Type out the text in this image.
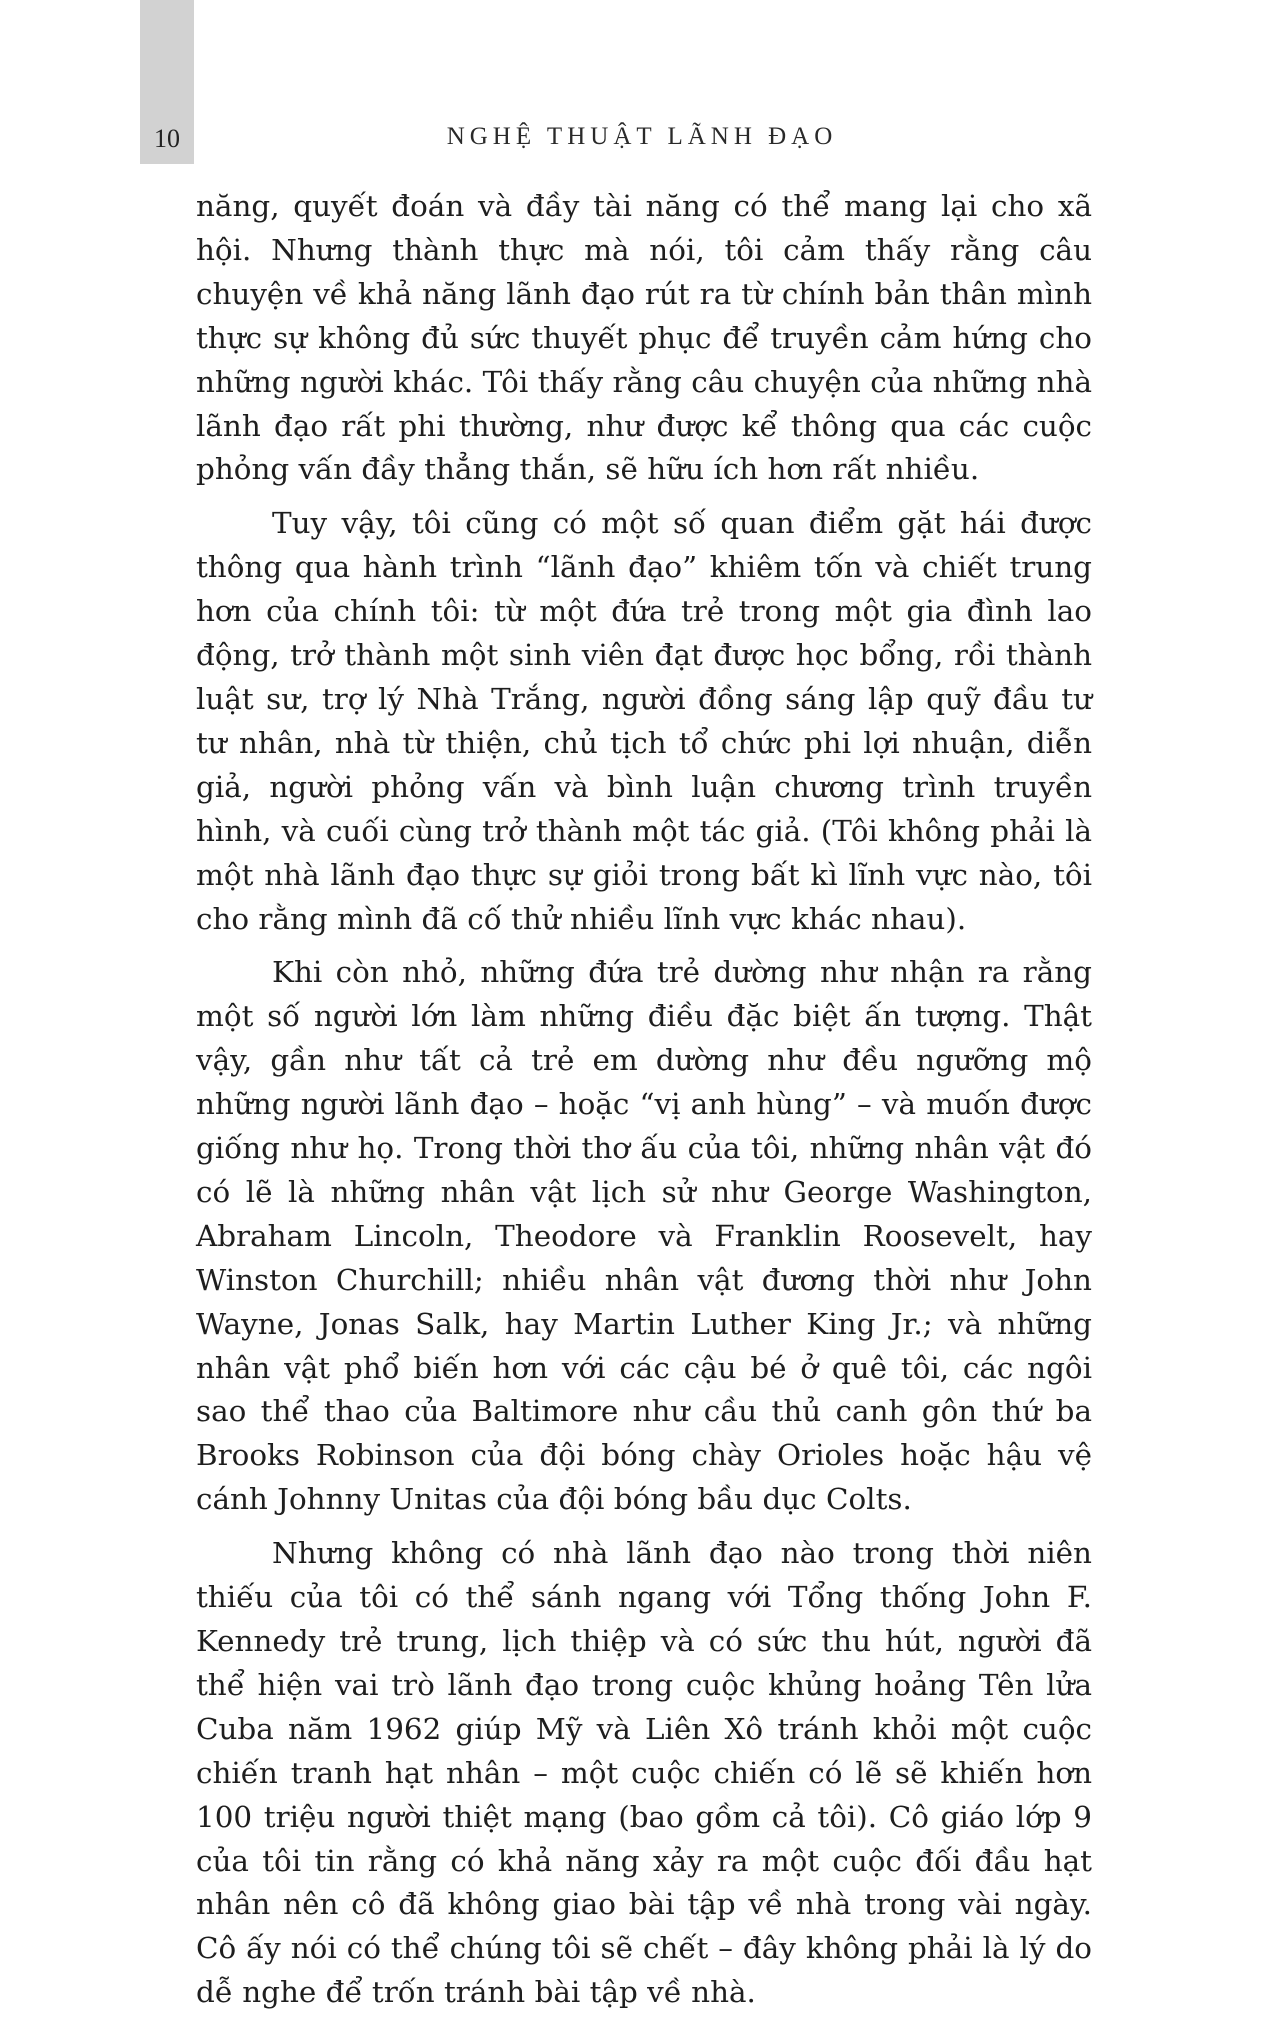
10	NGHỆ THUẬT LÃNH ĐẠO

năng, quyết đoán và đầy tài năng có thể mang lại cho xã hội. Nhưng thành thực mà nói, tôi cảm thấy rằng câu chuyện về khả năng lãnh đạo rút ra từ chính bản thân mình thực sự không đủ sức thuyết phục để truyền cảm hứng cho những người khác. Tôi thấy rằng câu chuyện của những nhà lãnh đạo rất phi thường, như được kể thông qua các cuộc phỏng vấn đầy thẳng thắn, sẽ hữu ích hơn rất nhiều.

Tuy vậy, tôi cũng có một số quan điểm gặt hái được thông qua hành trình “lãnh đạo” khiêm tốn và chiết trung hơn của chính tôi: từ một đứa trẻ trong một gia đình lao động, trở thành một sinh viên đạt được học bổng, rồi thành luật sư, trợ lý Nhà Trắng, người đồng sáng lập quỹ đầu tư tư nhân, nhà từ thiện, chủ tịch tổ chức phi lợi nhuận, diễn giả, người phỏng vấn và bình luận chương trình truyền hình, và cuối cùng trở thành một tác giả. (Tôi không phải là một nhà lãnh đạo thực sự giỏi trong bất kì lĩnh vực nào, tôi cho rằng mình đã cố thử nhiều lĩnh vực khác nhau).

Khi còn nhỏ, những đứa trẻ dường như nhận ra rằng một số người lớn làm những điều đặc biệt ấn tượng. Thật vậy, gần như tất cả trẻ em dường như đều ngưỡng mộ những người lãnh đạo – hoặc “vị anh hùng” – và muốn được giống như họ. Trong thời thơ ấu của tôi, những nhân vật đó có lẽ là những nhân vật lịch sử như George Washington, Abraham Lincoln, Theodore và Franklin Roosevelt, hay Winston Churchill; nhiều nhân vật đương thời như John Wayne, Jonas Salk, hay Martin Luther King Jr.; và những nhân vật phổ biến hơn với các cậu bé ở quê tôi, các ngôi sao thể thao của Baltimore như cầu thủ canh gôn thứ ba Brooks Robinson của đội bóng chày Orioles hoặc hậu vệ cánh Johnny Unitas của đội bóng bầu dục Colts.

Nhưng không có nhà lãnh đạo nào trong thời niên thiếu của tôi có thể sánh ngang với Tổng thống John F. Kennedy trẻ trung, lịch thiệp và có sức thu hút, người đã thể hiện vai trò lãnh đạo trong cuộc khủng hoảng Tên lửa Cuba năm 1962 giúp Mỹ và Liên Xô tránh khỏi một cuộc chiến tranh hạt nhân – một cuộc chiến có lẽ sẽ khiến hơn 100 triệu người thiệt mạng (bao gồm cả tôi). Cô giáo lớp 9 của tôi tin rằng có khả năng xảy ra một cuộc đối đầu hạt nhân nên cô đã không giao bài tập về nhà trong vài ngày. Cô ấy nói có thể chúng tôi sẽ chết – đây không phải là lý do dễ nghe để trốn tránh bài tập về nhà.
